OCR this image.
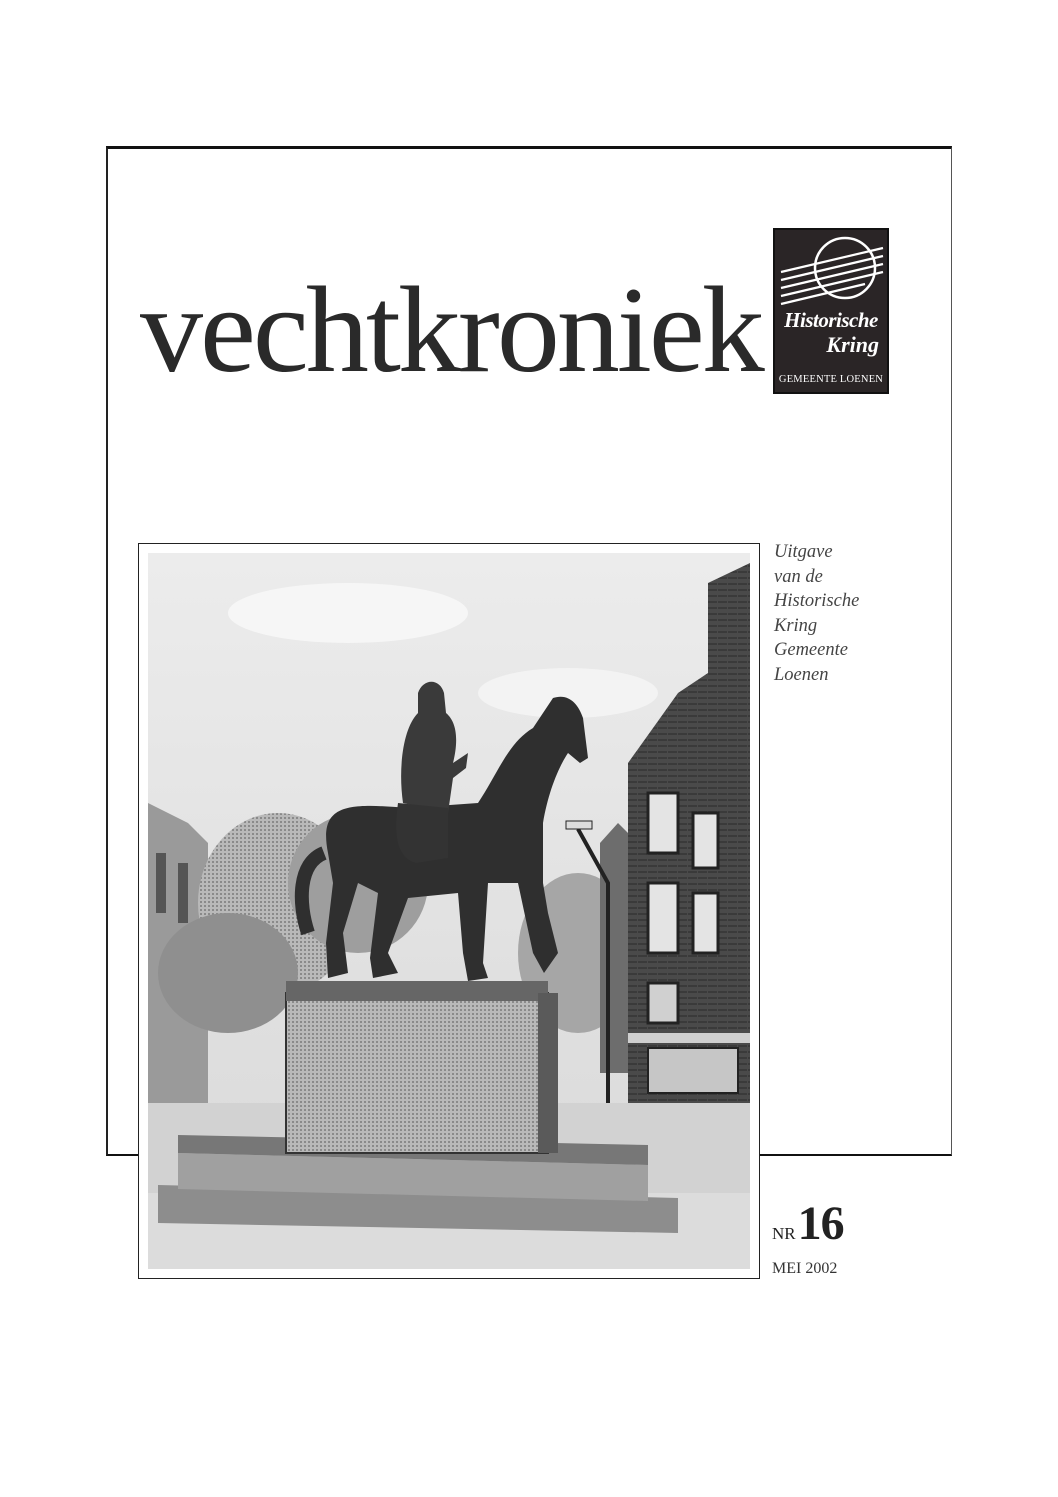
vechtkroniek	Historische
Kring
GEMEENTE LOENEN
Uitgave
van de
Historische
Kring
Gemeente
Loenen
NR16
MEI 2002
